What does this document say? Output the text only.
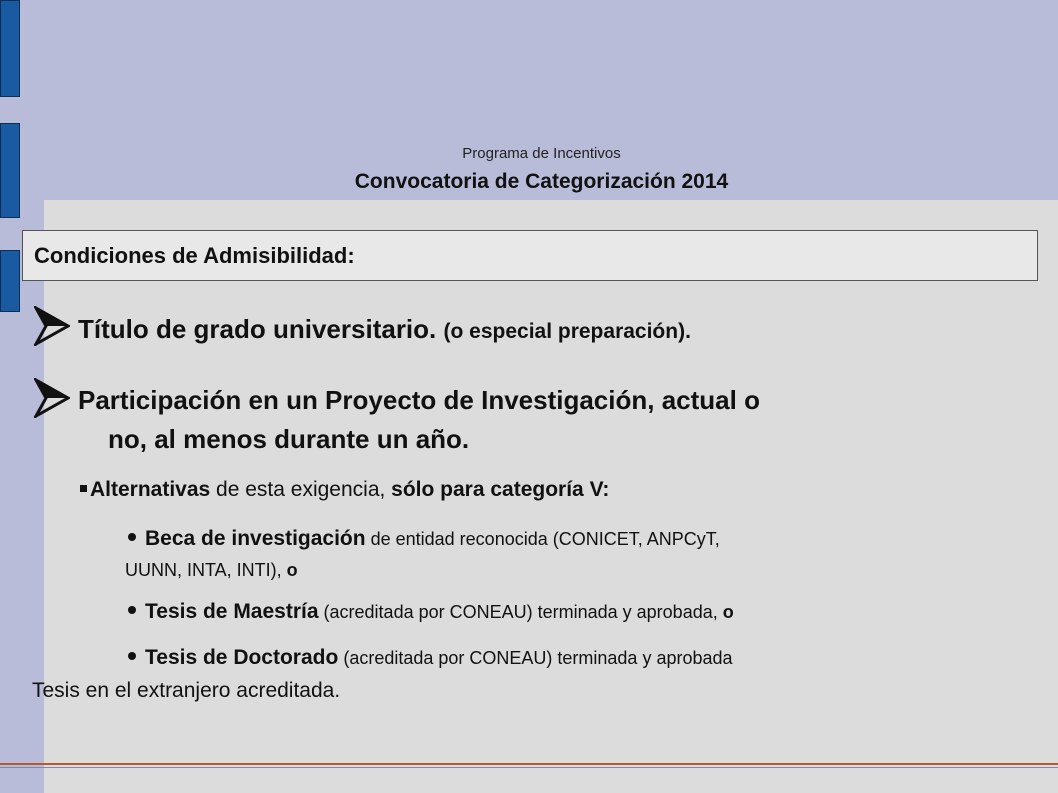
Programa de Incentivos
Convocatoria de Categorización 2014
Condiciones de Admisibilidad:
Título de grado universitario. (o especial preparación).
Participación en un Proyecto de Investigación, actual o
no, al menos durante un año.
Alternativas de esta exigencia, sólo para categoría V:
Beca de investigación de entidad reconocida (CONICET, ANPCyT,
UUNN, INTA, INTI), o
Tesis de Maestría (acreditada por CONEAU) terminada y aprobada, o
Tesis de Doctorado (acreditada por CONEAU) terminada y aprobada
Tesis en el extranjero acreditada.
